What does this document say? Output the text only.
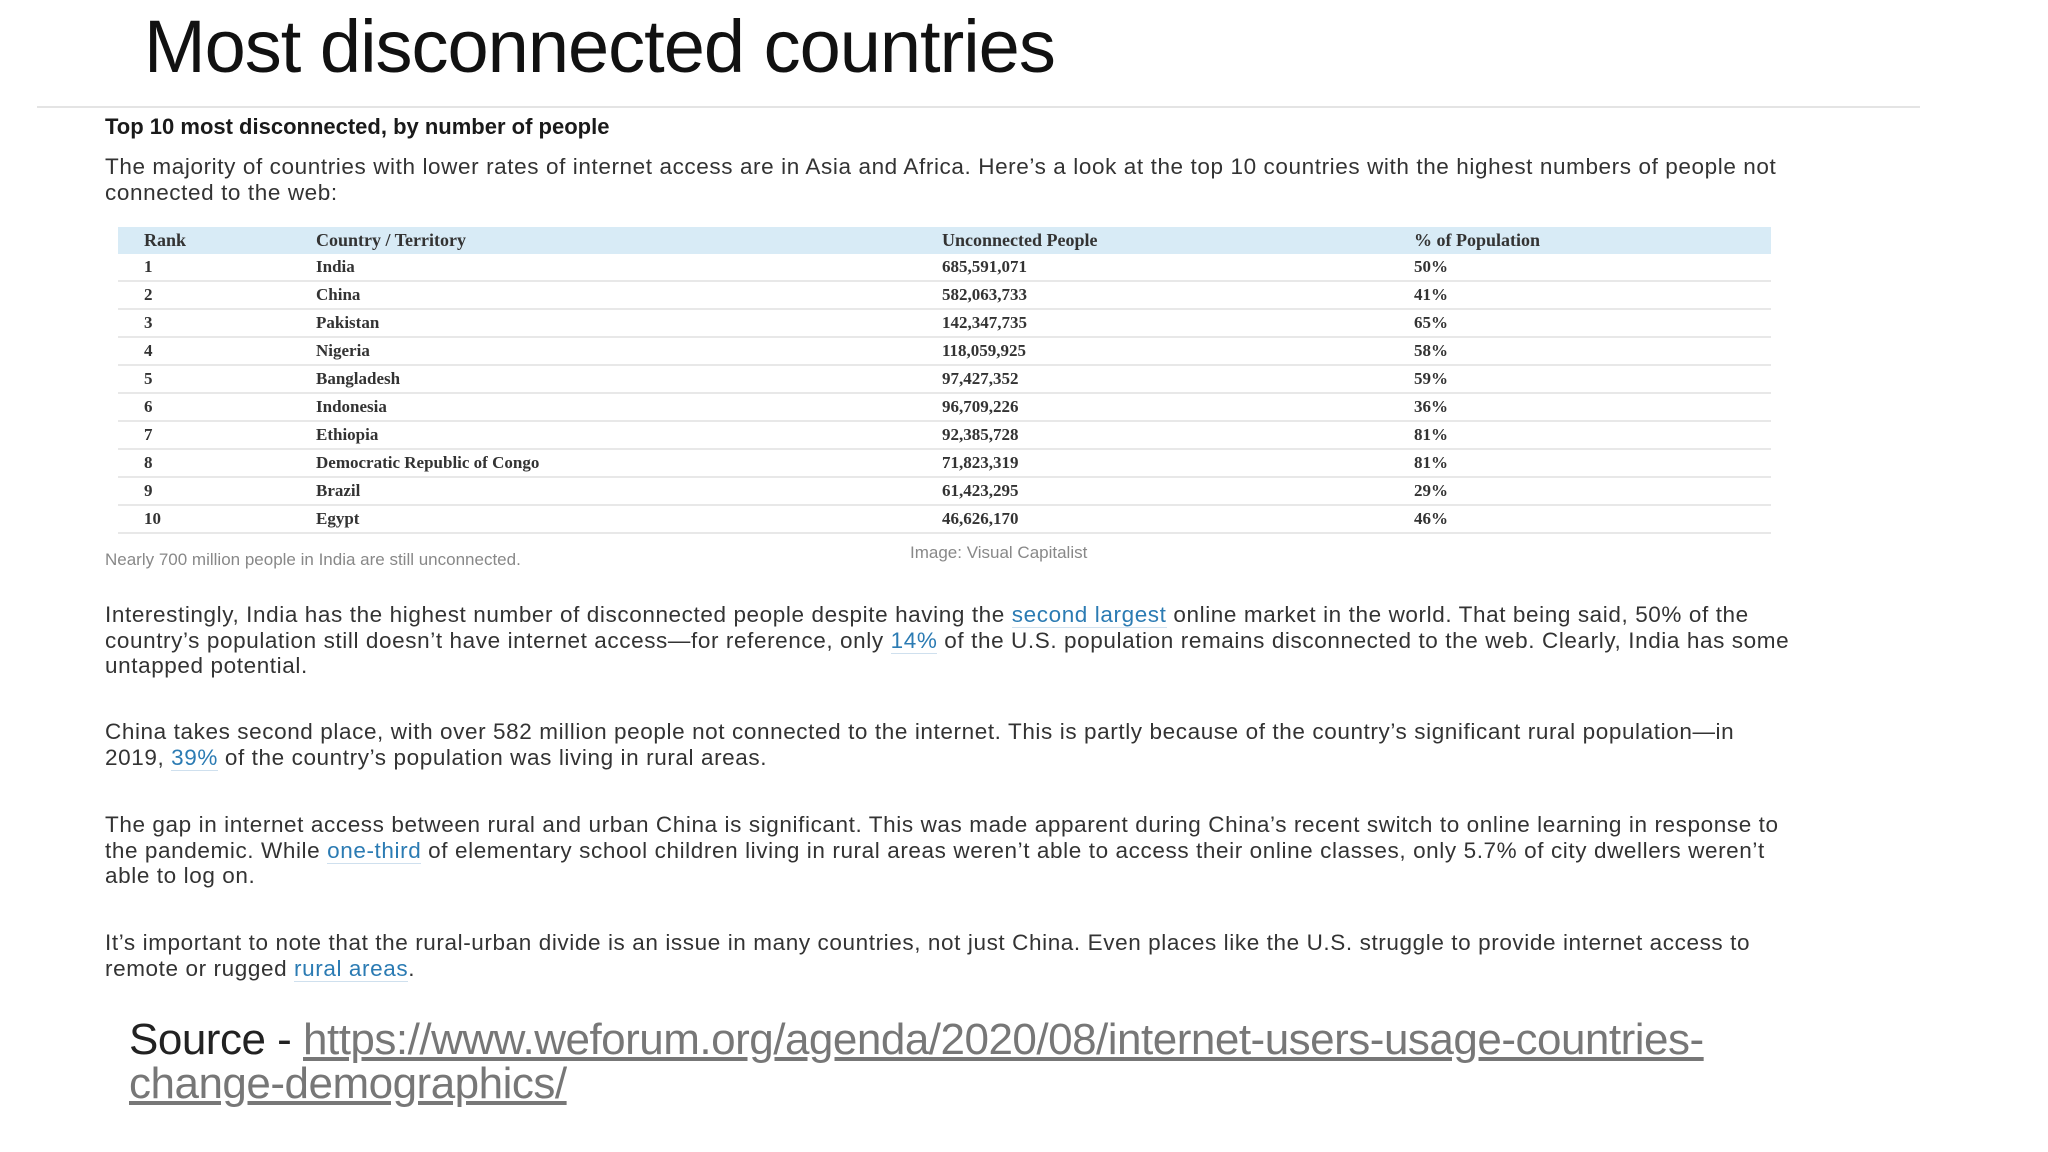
Most disconnected countries
Top 10 most disconnected, by number of people
The majority of countries with lower rates of internet access are in Asia and Africa. Here’s a look at the top 10 countries with the highest numbers of people not connected to the web:
Rank	Country / Territory	Unconnected People	% of Population
1	India	685,591,071	50%
2	China	582,063,733	41%
3	Pakistan	142,347,735	65%
4	Nigeria	118,059,925	58%
5	Bangladesh	97,427,352	59%
6	Indonesia	96,709,226	36%
7	Ethiopia	92,385,728	81%
8	Democratic Republic of Congo	71,823,319	81%
9	Brazil	61,423,295	29%
10	Egypt	46,626,170	46%
Nearly 700 million people in India are still unconnected.	Image: Visual Capitalist
Interestingly, India has the highest number of disconnected people despite having the second largest online market in the world. That being said, 50% of the country’s population still doesn’t have internet access—for reference, only 14% of the U.S. population remains disconnected to the web. Clearly, India has some untapped potential.
China takes second place, with over 582 million people not connected to the internet. This is partly because of the country’s significant rural population—in 2019, 39% of the country’s population was living in rural areas.
The gap in internet access between rural and urban China is significant. This was made apparent during China’s recent switch to online learning in response to the pandemic. While one-third of elementary school children living in rural areas weren’t able to access their online classes, only 5.7% of city dwellers weren’t able to log on.
It’s important to note that the rural-urban divide is an issue in many countries, not just China. Even places like the U.S. struggle to provide internet access to remote or rugged rural areas.
Source - https://www.weforum.org/agenda/2020/08/internet-users-usage-countries-change-demographics/
